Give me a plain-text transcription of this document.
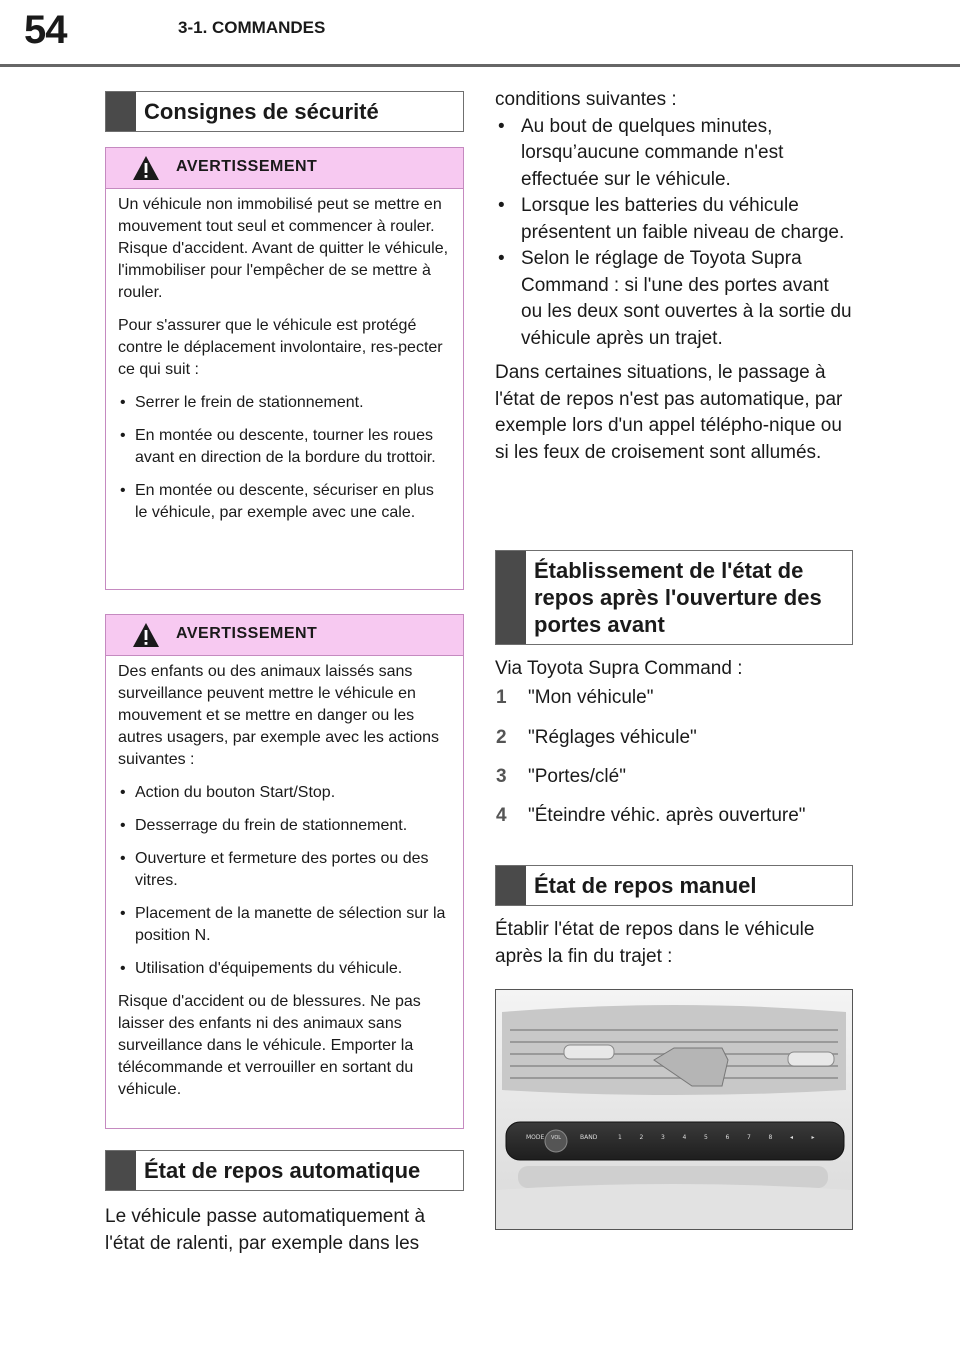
54	3-1. COMMANDES
Consignes de sécurité
AVERTISSEMENT

Un véhicule non immobilisé peut se mettre en mouvement tout seul et commencer à rouler. Risque d'accident. Avant de quitter le véhicule, l'immobiliser pour l'empêcher de se mettre à rouler.

Pour s'assurer que le véhicule est protégé contre le déplacement involontaire, res-pecter ce qui suit :

• Serrer le frein de stationnement.
• En montée ou descente, tourner les roues avant en direction de la bordure du trottoir.
• En montée ou descente, sécuriser en plus le véhicule, par exemple avec une cale.
AVERTISSEMENT

Des enfants ou des animaux laissés sans surveillance peuvent mettre le véhicule en mouvement et se mettre en danger ou les autres usagers, par exemple avec les actions suivantes :

• Action du bouton Start/Stop.
• Desserrage du frein de stationnement.
• Ouverture et fermeture des portes ou des vitres.
• Placement de la manette de sélection sur la position N.
• Utilisation d'équipements du véhicule.

Risque d'accident ou de blessures. Ne pas laisser des enfants ni des animaux sans surveillance dans le véhicule. Emporter la télécommande et verrouiller en sortant du véhicule.

État de repos automatique

Le véhicule passe automatiquement à l'état de ralenti, par exemple dans les

conditions suivantes :

• Au bout de quelques minutes, lorsqu’aucune commande n'est effectuée sur le véhicule.
• Lorsque les batteries du véhicule présentent un faible niveau de charge.
• Selon le réglage de Toyota Supra Command : si l'une des portes avant ou les deux sont ouvertes à la sortie du véhicule après un trajet.

Dans certaines situations, le passage à l'état de repos n'est pas automatique, par exemple lors d'un appel télépho-nique ou si les feux de croisement sont allumés.

Établissement de l'état de repos après l'ouverture des portes avant
Via Toyota Supra Command :
1 "Mon véhicule"
2 "Réglages véhicule"
3 "Portes/clé"
4 "Éteindre véhic. après ouverture"
État de repos manuel

Établir l'état de repos dans le véhicule après la fin du trajet :

MODE VOL	BAND	1	2	3	4	5	6	7	8	◂	▸
